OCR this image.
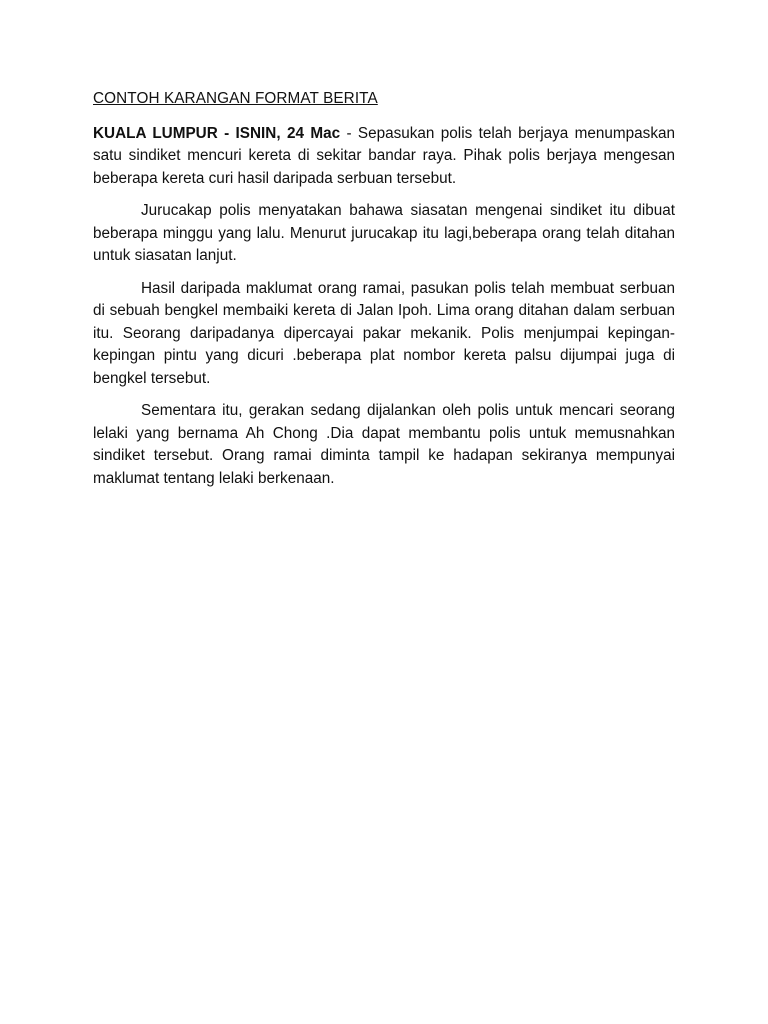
CONTOH KARANGAN FORMAT BERITA

KUALA LUMPUR - ISNIN, 24 Mac - Sepasukan polis telah berjaya menumpaskan satu sindiket mencuri kereta di sekitar bandar raya. Pihak polis berjaya mengesan beberapa kereta curi hasil daripada serbuan tersebut.

Jurucakap polis menyatakan bahawa siasatan mengenai sindiket itu dibuat beberapa minggu yang lalu. Menurut jurucakap itu lagi,beberapa orang telah ditahan untuk siasatan lanjut.

Hasil daripada maklumat orang ramai, pasukan polis telah membuat serbuan di sebuah bengkel membaiki kereta di Jalan Ipoh. Lima orang ditahan dalam serbuan itu. Seorang daripadanya dipercayai pakar mekanik. Polis menjumpai kepingan-kepingan pintu yang dicuri .beberapa plat nombor kereta palsu dijumpai juga di bengkel tersebut.

Sementara itu, gerakan sedang dijalankan oleh polis untuk mencari seorang lelaki yang bernama Ah Chong .Dia dapat membantu polis untuk memusnahkan sindiket tersebut. Orang ramai diminta tampil ke hadapan sekiranya mempunyai maklumat tentang lelaki berkenaan.
